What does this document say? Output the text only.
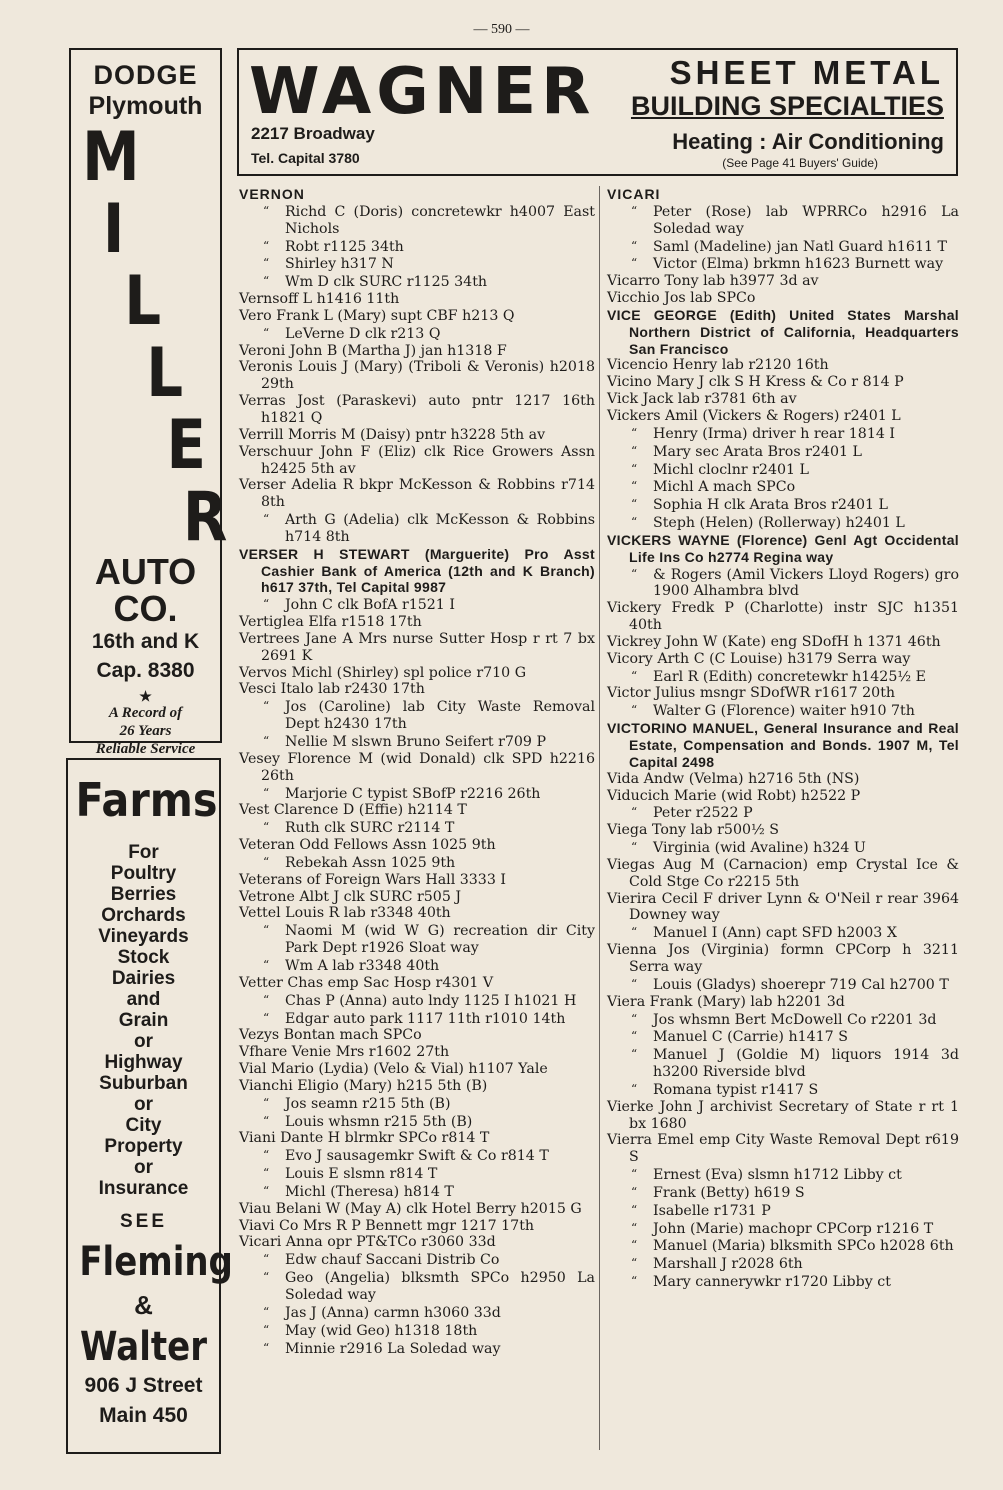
— 590 —
DODGE
Plymouth
M
I
L
L
E
R
AUTO
CO.
16th and K
Cap. 8380
★
A Record of
26 Years
Reliable Service
Farms
For
Poultry
Berries
Orchards
Vineyards
Stock
Dairies
and
Grain
or
Highway
Suburban
or
City
Property
or
Insurance
SEE
Fleming
&
Walter
906 J Street
Main 450
WAGNER
2217 Broadway
Tel. Capital 3780
SHEET METAL
BUILDING SPECIALTIES
Heating : Air Conditioning
(See Page 41 Buyers' Guide)
VERNON
“ Richd C (Doris) concretewkr h4007 East Nichols
“ Robt r1125 34th
“ Shirley h317 N
“ Wm D clk SURC r1125 34th
Vernsoff L h1416 11th
Vero Frank L (Mary) supt CBF h213 Q
“ LeVerne D clk r213 Q
Veroni John B (Martha J) jan h1318 F
Veronis Louis J (Mary) (Triboli & Veronis) h2018 29th
Verras Jost (Paraskevi) auto pntr 1217 16th h1821 Q
Verrill Morris M (Daisy) pntr h3228 5th av
Verschuur John F (Eliz) clk Rice Growers Assn h2425 5th av
Verser Adelia R bkpr McKesson & Robbins r714 8th
“ Arth G (Adelia) clk McKesson & Robbins h714 8th
VERSER H STEWART (Marguerite) Pro Asst Cashier Bank of America (12th and K Branch) h617 37th, Tel Capital 9987
“ John C clk BofA r1521 I
Vertiglea Elfa r1518 17th
Vertrees Jane A Mrs nurse Sutter Hosp r rt 7 bx 2691 K
Vervos Michl (Shirley) spl police r710 G
Vesci Italo lab r2430 17th
“ Jos (Caroline) lab City Waste Removal Dept h2430 17th
“ Nellie M slswn Bruno Seifert r709 P
Vesey Florence M (wid Donald) clk SPD h2216 26th
“ Marjorie C typist SBofP r2216 26th
Vest Clarence D (Effie) h2114 T
“ Ruth clk SURC r2114 T
Veteran Odd Fellows Assn 1025 9th
“ Rebekah Assn 1025 9th
Veterans of Foreign Wars Hall 3333 I
Vetrone Albt J clk SURC r505 J
Vettel Louis R lab r3348 40th
“ Naomi M (wid W G) recreation dir City Park Dept r1926 Sloat way
“ Wm A lab r3348 40th
Vetter Chas emp Sac Hosp r4301 V
“ Chas P (Anna) auto lndy 1125 I h1021 H
“ Edgar auto park 1117 11th r1010 14th
Vezys Bontan mach SPCo
Vfhare Venie Mrs r1602 27th
Vial Mario (Lydia) (Velo & Vial) h1107 Yale
Vianchi Eligio (Mary) h215 5th (B)
“ Jos seamn r215 5th (B)
“ Louis whsmn r215 5th (B)
Viani Dante H blrmkr SPCo r814 T
“ Evo J sausagemkr Swift & Co r814 T
“ Louis E slsmn r814 T
“ Michl (Theresa) h814 T
Viau Belani W (May A) clk Hotel Berry h2015 G
Viavi Co Mrs R P Bennett mgr 1217 17th
Vicari Anna opr PT&TCo r3060 33d
“ Edw chauf Saccani Distrib Co
“ Geo (Angelia) blksmth SPCo h2950 La Soledad way
“ Jas J (Anna) carmn h3060 33d
“ May (wid Geo) h1318 18th
“ Minnie r2916 La Soledad way
VICARI
“ Peter (Rose) lab WPRRCo h2916 La Soledad way
“ Saml (Madeline) jan Natl Guard h1611 T
“ Victor (Elma) brkmn h1623 Burnett way
Vicarro Tony lab h3977 3d av
Vicchio Jos lab SPCo
VICE GEORGE (Edith) United States Marshal Northern District of California, Headquarters San Francisco
Vicencio Henry lab r2120 16th
Vicino Mary J clk S H Kress & Co r 814 P
Vick Jack lab r3781 6th av
Vickers Amil (Vickers & Rogers) r2401 L
“ Henry (Irma) driver h rear 1814 I
“ Mary sec Arata Bros r2401 L
“ Michl cloclnr r2401 L
“ Michl A mach SPCo
“ Sophia H clk Arata Bros r2401 L
“ Steph (Helen) (Rollerway) h2401 L
VICKERS WAYNE (Florence) Genl Agt Occidental Life Ins Co h2774 Regina way
“ & Rogers (Amil Vickers Lloyd Rogers) gro 1900 Alhambra blvd
Vickery Fredk P (Charlotte) instr SJC h1351 40th
Vickrey John W (Kate) eng SDofH h 1371 46th
Vicory Arth C (C Louise) h3179 Serra way
“ Earl R (Edith) concretewkr h1425½ E
Victor Julius msngr SDofWR r1617 20th
“ Walter G (Florence) waiter h910 7th
VICTORINO MANUEL, General Insurance and Real Estate, Compensation and Bonds. 1907 M, Tel Capital 2498
Vida Andw (Velma) h2716 5th (NS)
Viducich Marie (wid Robt) h2522 P
“ Peter r2522 P
Viega Tony lab r500½ S
“ Virginia (wid Avaline) h324 U
Viegas Aug M (Carnacion) emp Crystal Ice & Cold Stge Co r2215 5th
Vierira Cecil F driver Lynn & O'Neil r rear 3964 Downey way
“ Manuel I (Ann) capt SFD h2003 X
Vienna Jos (Virginia) formn CPCorp h 3211 Serra way
“ Louis (Gladys) shoerepr 719 Cal h2700 T
Viera Frank (Mary) lab h2201 3d
“ Jos whsmn Bert McDowell Co r2201 3d
“ Manuel C (Carrie) h1417 S
“ Manuel J (Goldie M) liquors 1914 3d h3200 Riverside blvd
“ Romana typist r1417 S
Vierke John J archivist Secretary of State r rt 1 bx 1680
Vierra Emel emp City Waste Removal Dept r619 S
“ Ernest (Eva) slsmn h1712 Libby ct
“ Frank (Betty) h619 S
“ Isabelle r1731 P
“ John (Marie) machopr CPCorp r1216 T
“ Manuel (Maria) blksmith SPCo h2028 6th
“ Marshall J r2028 6th
“ Mary cannerywkr r1720 Libby ct
